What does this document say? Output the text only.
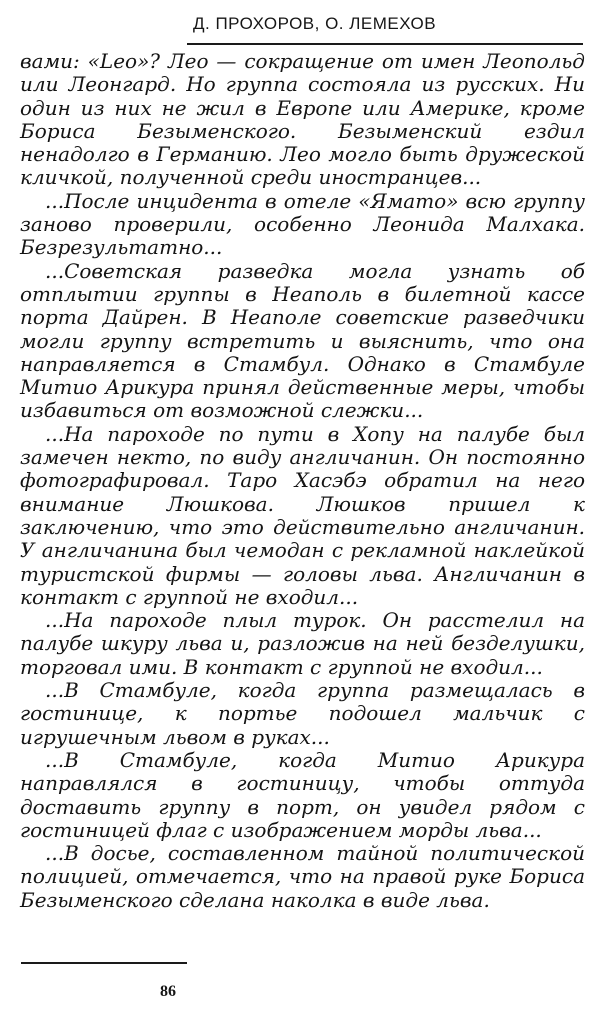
Д. ПРОХОРОВ, О. ЛЕМЕХОВ

вами: «Leo»? Лео — сокращение от имен Леопольд или Леонгард. Но группа состояла из русских. Ни один из них не жил в Европе или Америке, кроме Бориса Безыменского. Безыменский ездил ненадолго в Германию. Лео могло быть дружеской кличкой, полученной среди иностранцев...

...После инцидента в отеле «Ямато» всю группу заново проверили, особенно Леонида Малхака. Безрезультатно...

...Советская разведка могла узнать об отплытии группы в Неаполь в билетной кассе порта Дайрен. В Неаполе советские разведчики могли группу встретить и выяснить, что она направляется в Стамбул. Однако в Стамбуле Митио Арикура принял действенные меры, чтобы избавиться от возможной слежки...

...На пароходе по пути в Хопу на палубе был замечен некто, по виду англичанин. Он постоянно фотографировал. Таро Хасэбэ обратил на него внимание Люшкова. Люшков пришел к заключению, что это действительно англичанин. У англичанина был чемодан с рекламной наклейкой туристской фирмы — головы льва. Англичанин в контакт с группой не входил...

...На пароходе плыл турок. Он расстелил на палубе шкуру льва и, разложив на ней безделушки, торговал ими. В контакт с группой не входил...

...В Стамбуле, когда группа размещалась в гостинице, к портье подошел мальчик с игрушечным львом в руках...

...В Стамбуле, когда Митио Арикура направлялся в гостиницу, чтобы оттуда доставить группу в порт, он увидел рядом с гостиницей флаг с изображением морды льва...

...В досье, составленном тайной политической полицией, отмечается, что на правой руке Бориса Безыменского сделана наколка в виде льва.

86
